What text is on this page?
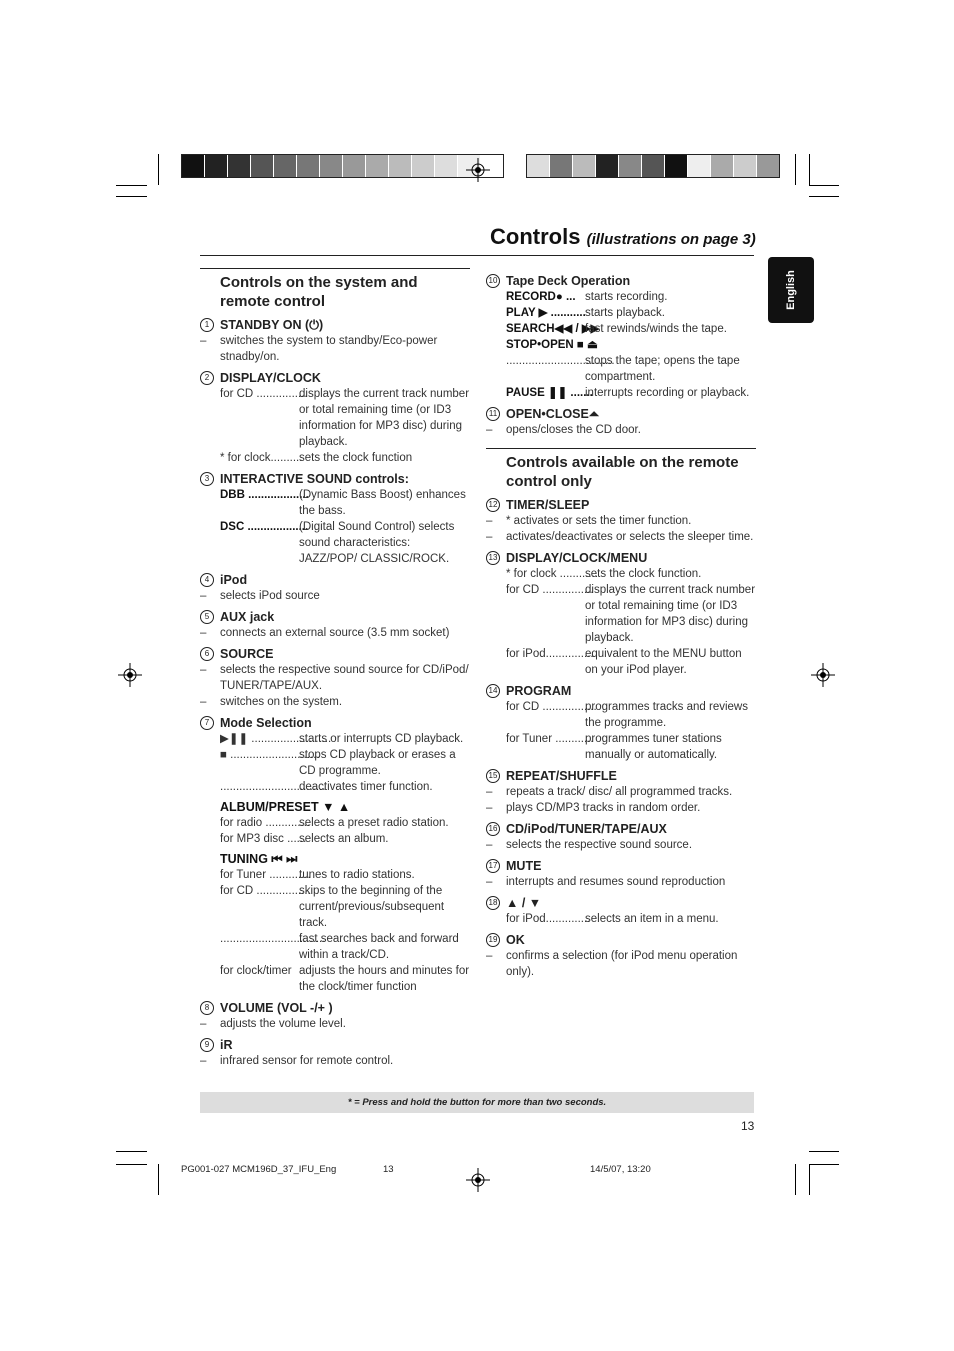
Controls (illustrations on page 3)
English
Controls on the system and remote control
1 STANDBY ON (⏻)
– switches the system to standby/Eco-power stnadby/on.
2 DISPLAY/CLOCK
for CD ................
displays the current track number or total remaining time (or ID3 information for MP3 disc) during playback.
* for clock..........
sets the clock function
3 INTERACTIVE SOUND controls:
DBB ...................
(Dynamic Bass Boost) enhances the bass.
DSC ...................
(Digital Sound Control) selects sound characteristics: JAZZ/POP/ CLASSIC/ROCK.
4 iPod
– selects iPod source
5 AUX jack
– connects an external source (3.5 mm socket)
6 SOURCE
– selects the respective sound source for CD/iPod/ TUNER/TAPE/AUX.
– switches on the system.
7 Mode Selection
▶❚❚ .........................
starts or interrupts CD playback.
■ ............................
stops CD playback or erases a CD programme.
.................................
deactivates timer function.
ALBUM/PRESET ▼ ▲
for radio ..............
selects a preset radio station.
for MP3 disc ......
selects an album.
TUNING ⏮ ⏭
for Tuner .............
tunes to radio stations.
for CD .................
skips to the beginning of the current/previous/subsequent track.
.................................
fast searches back and forward within a track/CD.
for clock/timer adjusts the hours and minutes for the clock/timer function
8 VOLUME (VOL -/+ )
– adjusts the volume level.
9 iR
– infrared sensor for remote control.
10 Tape Deck Operation
RECORD● ... starts recording.
PLAY ▶ ........... starts playback.
SEARCH◀◀ / ▶▶
fast rewinds/winds the tape.
STOP•OPEN ■ ⏏
..................................
stops the tape; opens the tape compartment.
PAUSE ❚❚ .......
interrupts recording or playback.
11 OPEN•CLOSE⏶
– opens/closes the CD door.
Controls available on the remote control only
12 TIMER/SLEEP
– * activates or sets the timer function.
– activates/deactivates or selects the sleeper time.
13 DISPLAY/CLOCK/MENU
* for clock ............
sets the clock function.
for CD ................
displays the current track number or total remaining time (or ID3 information for MP3 disc) during playback.
for iPod...............
equivalent to the MENU button on your iPod player.
14 PROGRAM
for CD .................
programmes tracks and reviews the programme.
for Tuner ............
programmes tuner stations manually or automatically.
15 REPEAT/SHUFFLE
– repeats a track/ disc/ all programmed tracks.
– plays CD/MP3 tracks in random order.
16 CD/iPod/TUNER/TAPE/AUX
– selects the respective sound source.
17 MUTE
– interrupts and resumes sound reproduction
18 ▲ / ▼
for iPod..............
selects an item in a menu.
19 OK
– confirms a selection (for iPod menu operation only).
* = Press and hold the button for more than two seconds.
13
PG001-027 MCM196D_37_IFU_Eng	13	14/5/07, 13:20
